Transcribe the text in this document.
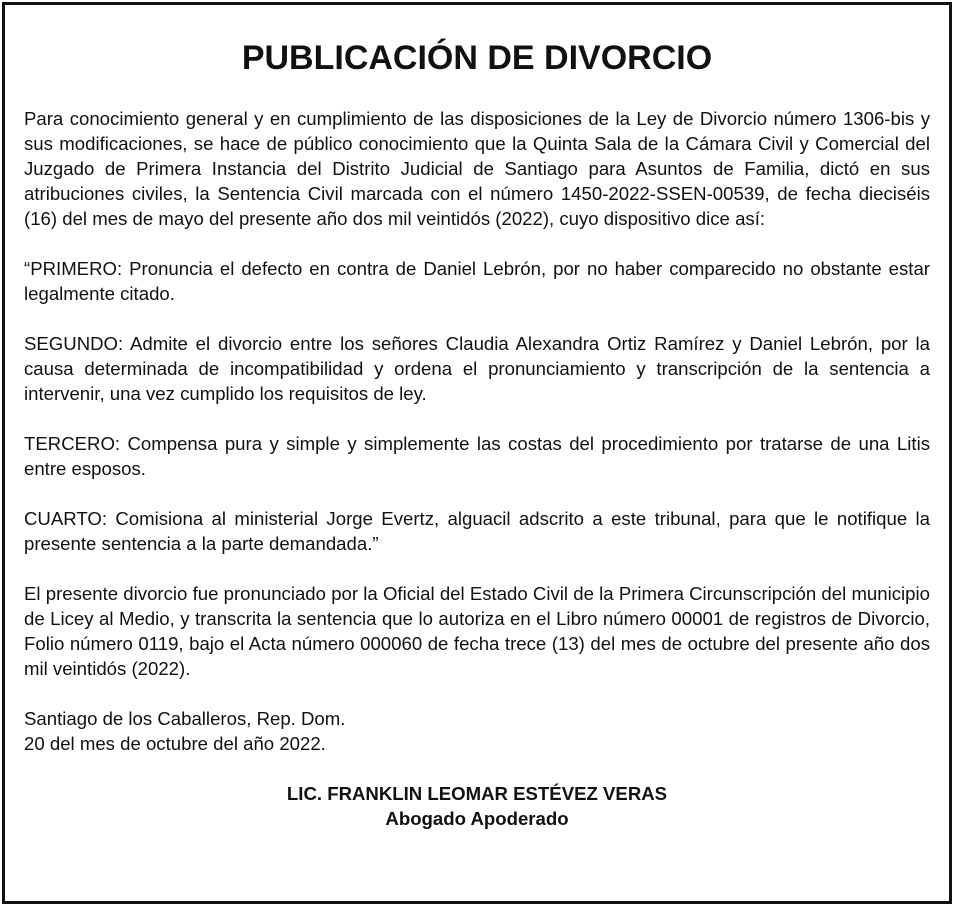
PUBLICACIÓN DE DIVORCIO

Para conocimiento general y en cumplimiento de las disposiciones de la Ley de Divorcio número 1306-bis y sus modificaciones, se hace de público conocimiento que la Quinta Sala de la Cámara Civil y Comercial del Juzgado de Primera Instancia del Distrito Judicial de Santiago para Asuntos de Familia, dictó en sus atribuciones civiles, la Sentencia Civil marcada con el número 1450-2022-SSEN-00539, de fecha dieciséis (16) del mes de mayo del presente año dos mil veintidós (2022), cuyo dispositivo dice así:

“PRIMERO: Pronuncia el defecto en contra de Daniel Lebrón, por no haber comparecido no obstante estar legalmente citado.

SEGUNDO: Admite el divorcio entre los señores Claudia Alexandra Ortiz Ramírez y Daniel Lebrón, por la causa determinada de incompatibilidad y ordena el pronunciamiento y transcripción de la sentencia a intervenir, una vez cumplido los requisitos de ley.

TERCERO: Compensa pura y simple y simplemente las costas del procedimiento por tratarse de una Litis entre esposos.

CUARTO: Comisiona al ministerial Jorge Evertz, alguacil adscrito a este tribunal, para que le notifique la presente sentencia a la parte demandada.”

El presente divorcio fue pronunciado por la Oficial del Estado Civil de la Primera Circunscripción del municipio de Licey al Medio, y transcrita la sentencia que lo autoriza en el Libro número 00001 de registros de Divorcio, Folio número 0119, bajo el Acta número 000060 de fecha trece (13) del mes de octubre del presente año dos mil veintidós (2022).

Santiago de los Caballeros, Rep. Dom.
20 del mes de octubre del año 2022.
LIC. FRANKLIN LEOMAR ESTÉVEZ VERAS
Abogado Apoderado
